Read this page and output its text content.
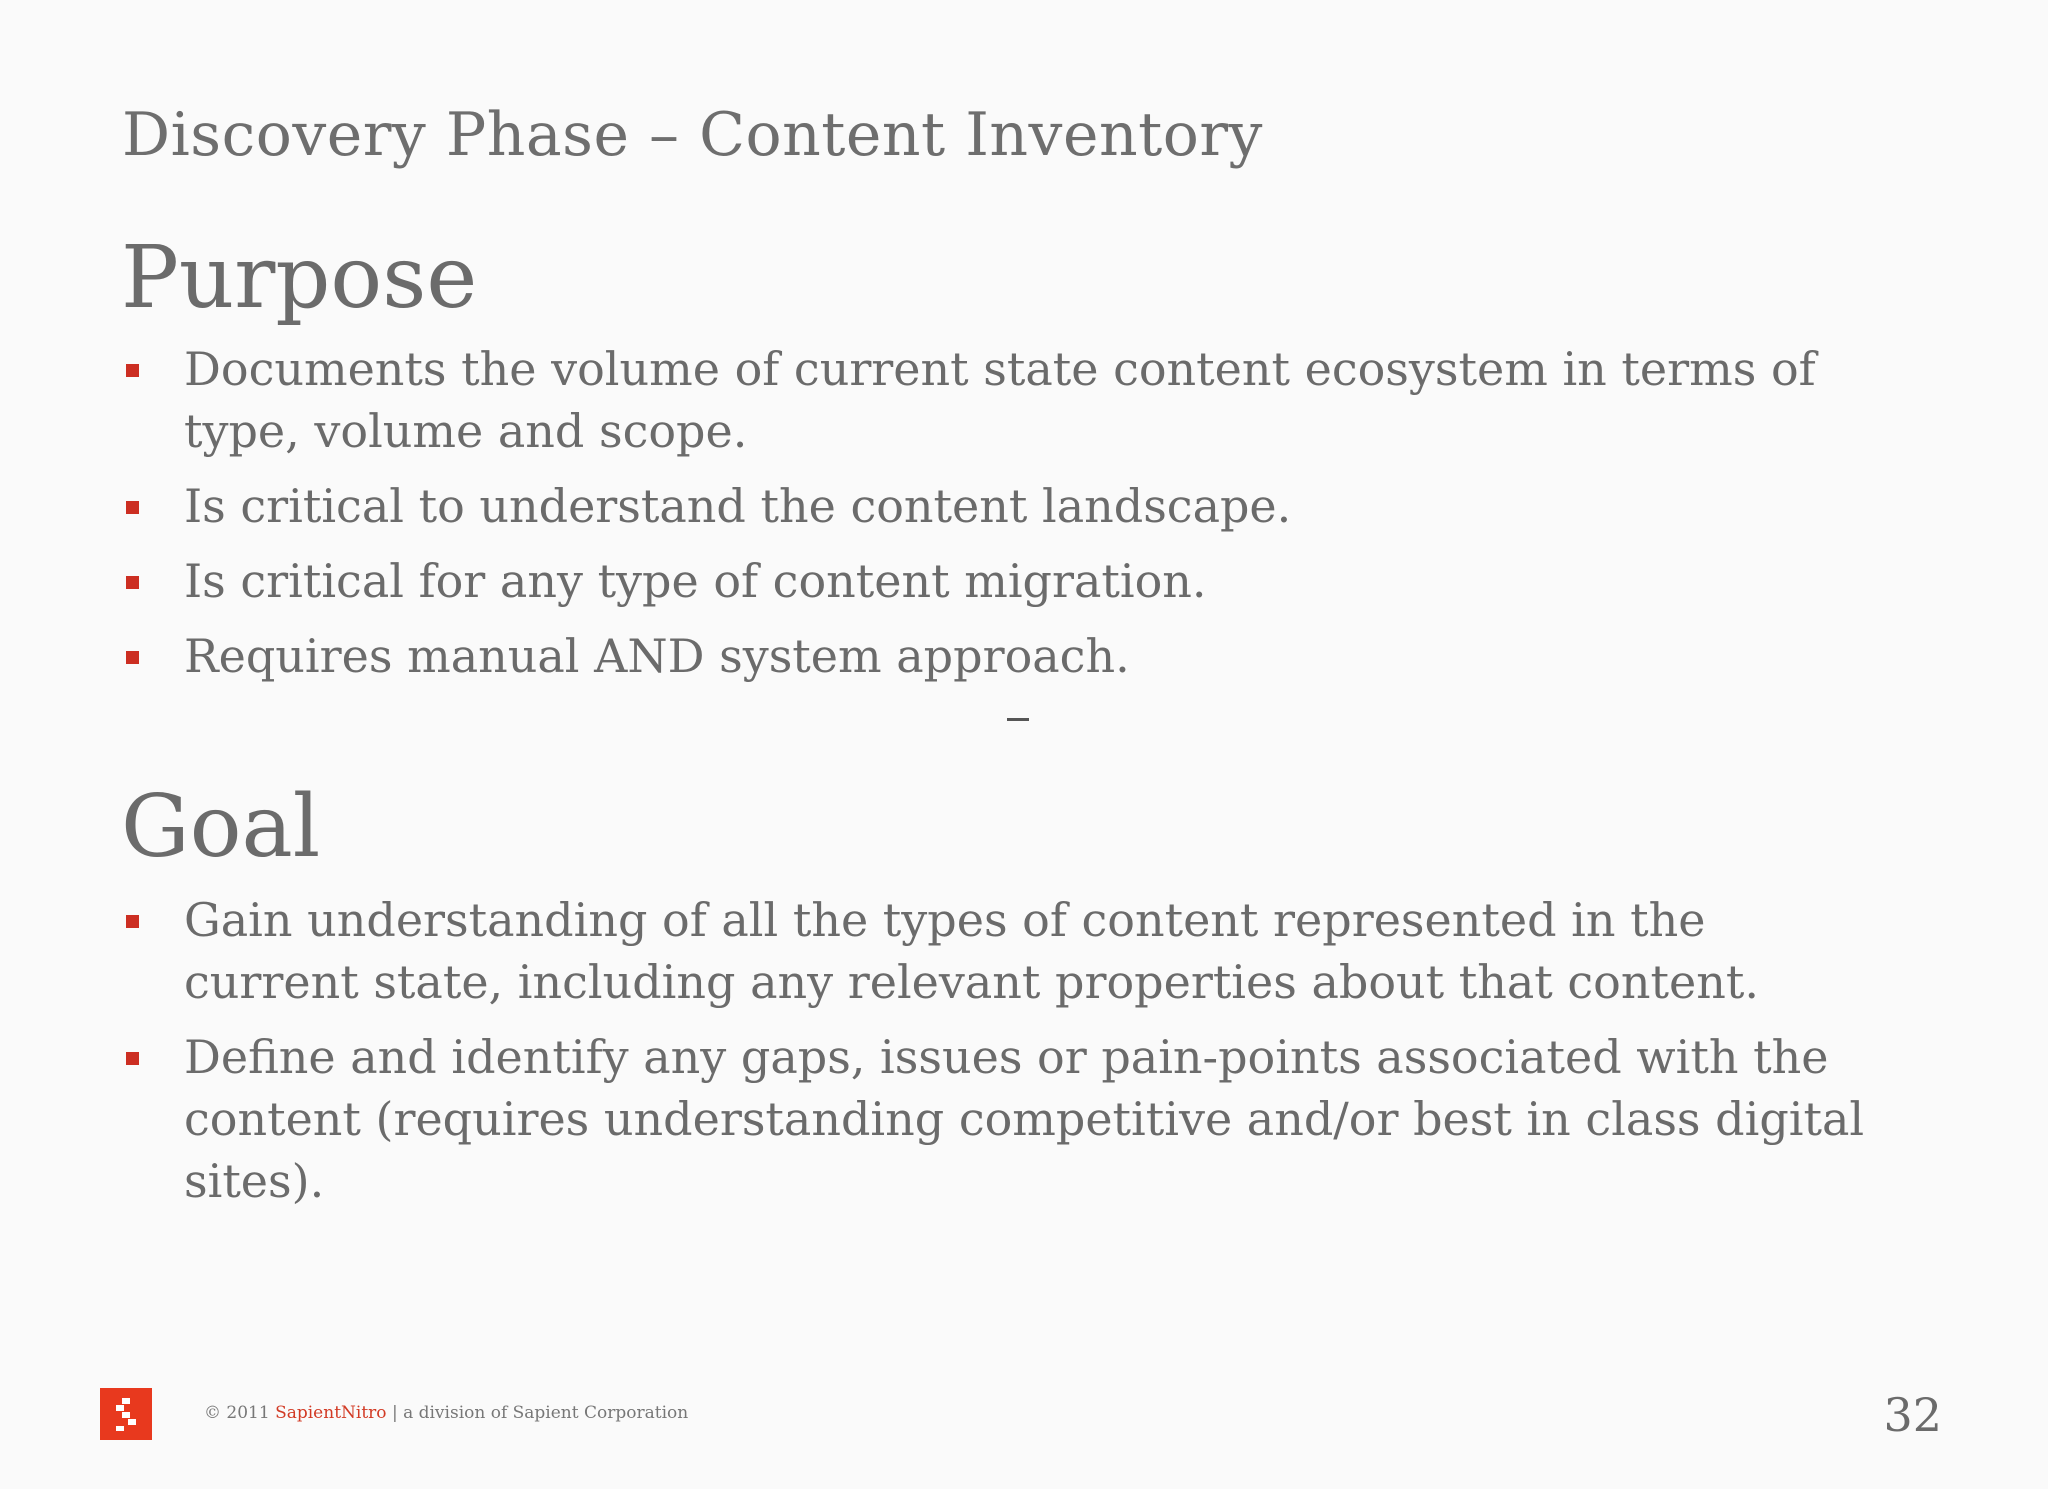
Discovery Phase – Content Inventory
Purpose
Documents the volume of current state content ecosystem in terms of type, volume and scope.
Is critical to understand the content landscape.
Is critical for any type of content migration.
Requires manual AND system approach.
Goal
Gain understanding of all the types of content represented in the current state, including any relevant properties about that content.
Define and identify any gaps, issues or pain-points associated with the content (requires understanding competitive and/or best in class digital sites).
© 2011 SapientNitro | a division of Sapient Corporation	32
